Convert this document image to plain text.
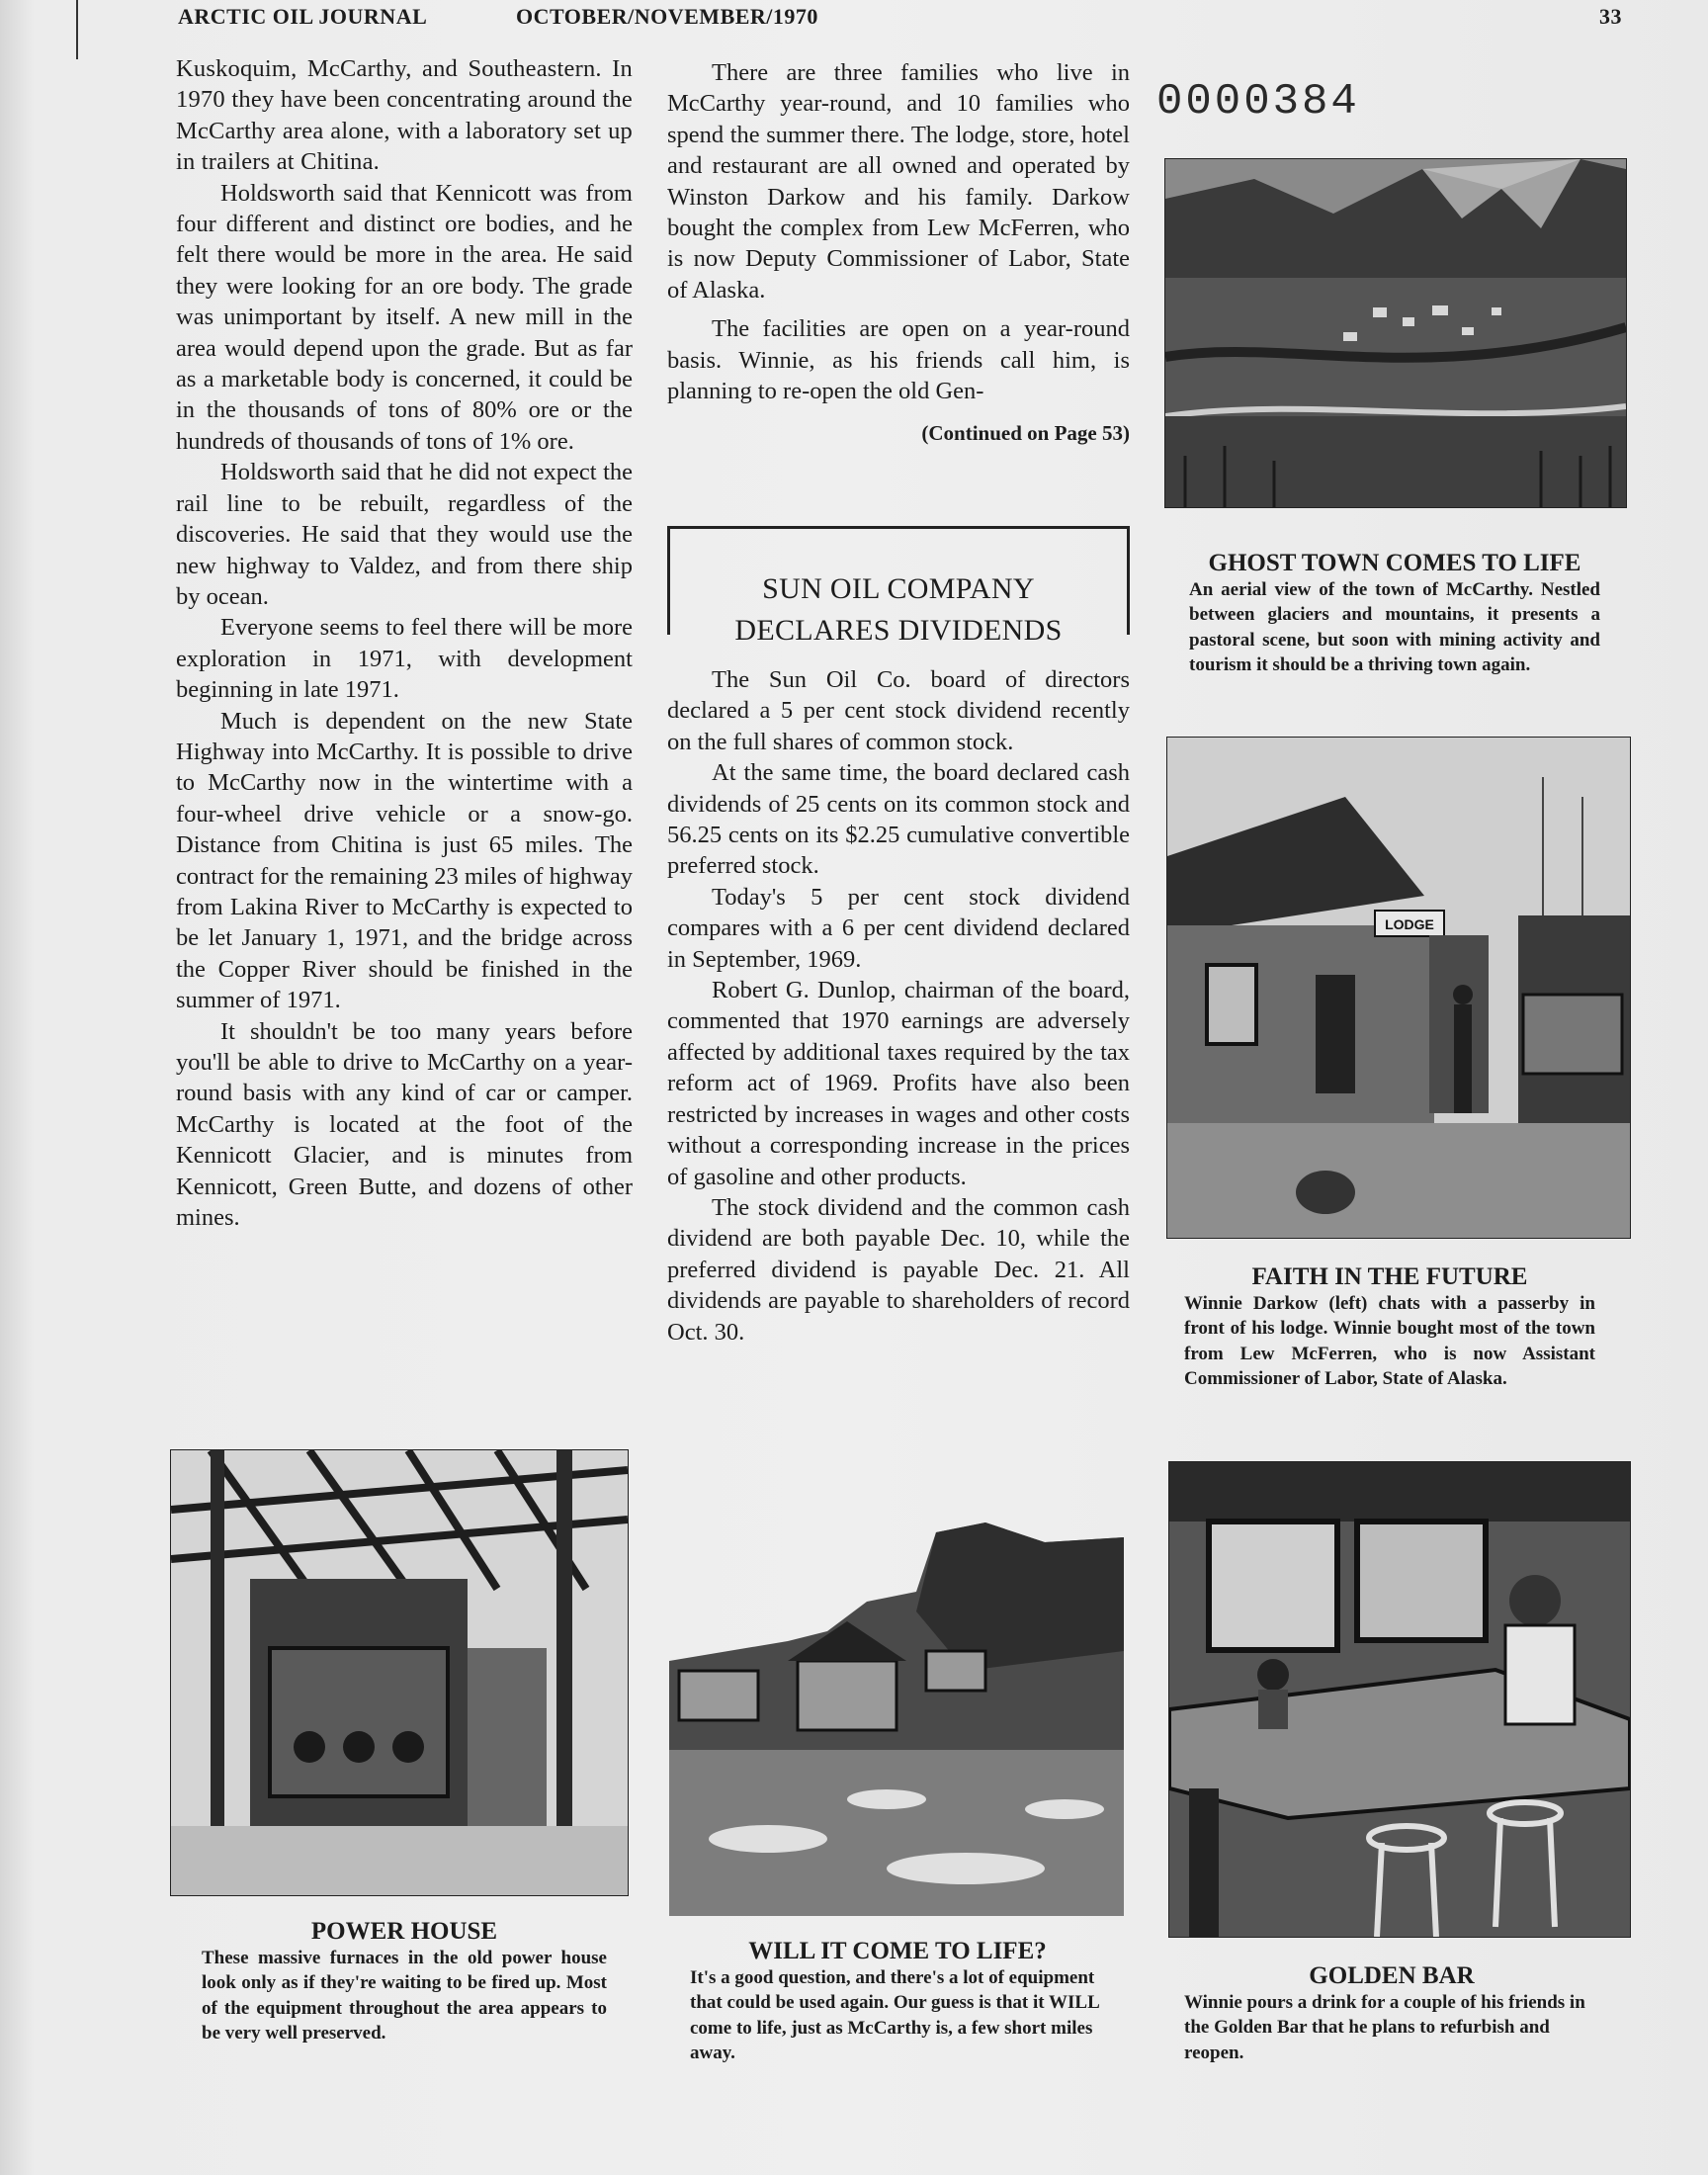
ARCTIC OIL JOURNAL	OCTOBER/NOVEMBER/1970	33
0000384

Kuskoquim, McCarthy, and Southeastern. In 1970 they have been concentrating around the McCarthy area alone, with a laboratory set up in trailers at Chitina.

Holdsworth said that Kennicott was from four different and distinct ore bodies, and he felt there would be more in the area. He said they were looking for an ore body. The grade was unimportant by itself. A new mill in the area would depend upon the grade. But as far as a marketable body is concerned, it could be in the thousands of tons of 80% ore or the hundreds of thousands of tons of 1% ore.

Holdsworth said that he did not expect the rail line to be rebuilt, regardless of the discoveries. He said that they would use the new highway to Valdez, and from there ship by ocean.

Everyone seems to feel there will be more exploration in 1971, with development beginning in late 1971.

Much is dependent on the new State Highway into McCarthy. It is possible to drive to McCarthy now in the wintertime with a four-wheel drive vehicle or a snow-go. Distance from Chitina is just 65 miles. The contract for the remaining 23 miles of highway from Lakina River to McCarthy is expected to be let January 1, 1971, and the bridge across the Copper River should be finished in the summer of 1971.

It shouldn't be too many years before you'll be able to drive to McCarthy on a year-round basis with any kind of car or camper. McCarthy is located at the foot of the Kennicott Glacier, and is minutes from Kennicott, Green Butte, and dozens of other mines.

There are three families who live in McCarthy year-round, and 10 families who spend the summer there. The lodge, store, hotel and restaurant are all owned and operated by Winston Darkow and his family. Darkow bought the complex from Lew McFerren, who is now Deputy Commissioner of Labor, State of Alaska.

The facilities are open on a year-round basis. Winnie, as his friends call him, is planning to re-open the old Gen-

(Continued on Page 53)

SUN OIL COMPANY
DECLARES DIVIDENDS

The Sun Oil Co. board of directors declared a 5 per cent stock dividend recently on the full shares of common stock.

At the same time, the board declared cash dividends of 25 cents on its common stock and 56.25 cents on its $2.25 cumulative convertible preferred stock.

Today's 5 per cent stock dividend compares with a 6 per cent dividend declared in September, 1969.

Robert G. Dunlop, chairman of the board, commented that 1970 earnings are adversely affected by additional taxes required by the tax reform act of 1969. Profits have also been restricted by increases in wages and other costs without a corresponding increase in the prices of gasoline and other products.

The stock dividend and the common cash dividend are both payable Dec. 10, while the preferred dividend is payable Dec. 21. All dividends are payable to shareholders of record Oct. 30.

GHOST TOWN COMES TO LIFE
An aerial view of the town of McCarthy. Nestled between glaciers and mountains, it presents a pastoral scene, but soon with mining activity and tourism it should be a thriving town again.
LODGE
FAITH IN THE FUTURE
Winnie Darkow (left) chats with a passerby in front of his lodge. Winnie bought most of the town from Lew McFerren, who is now Assistant Commissioner of Labor, State of Alaska.
POWER HOUSE
These massive furnaces in the old power house look only as if they're waiting to be fired up. Most of the equipment throughout the area appears to be very well preserved.
WILL IT COME TO LIFE?
It's a good question, and there's a lot of equipment that could be used again. Our guess is that it WILL come to life, just as McCarthy is, a few short miles away.
GOLDEN BAR
Winnie pours a drink for a couple of his friends in the Golden Bar that he plans to refurbish and reopen.
